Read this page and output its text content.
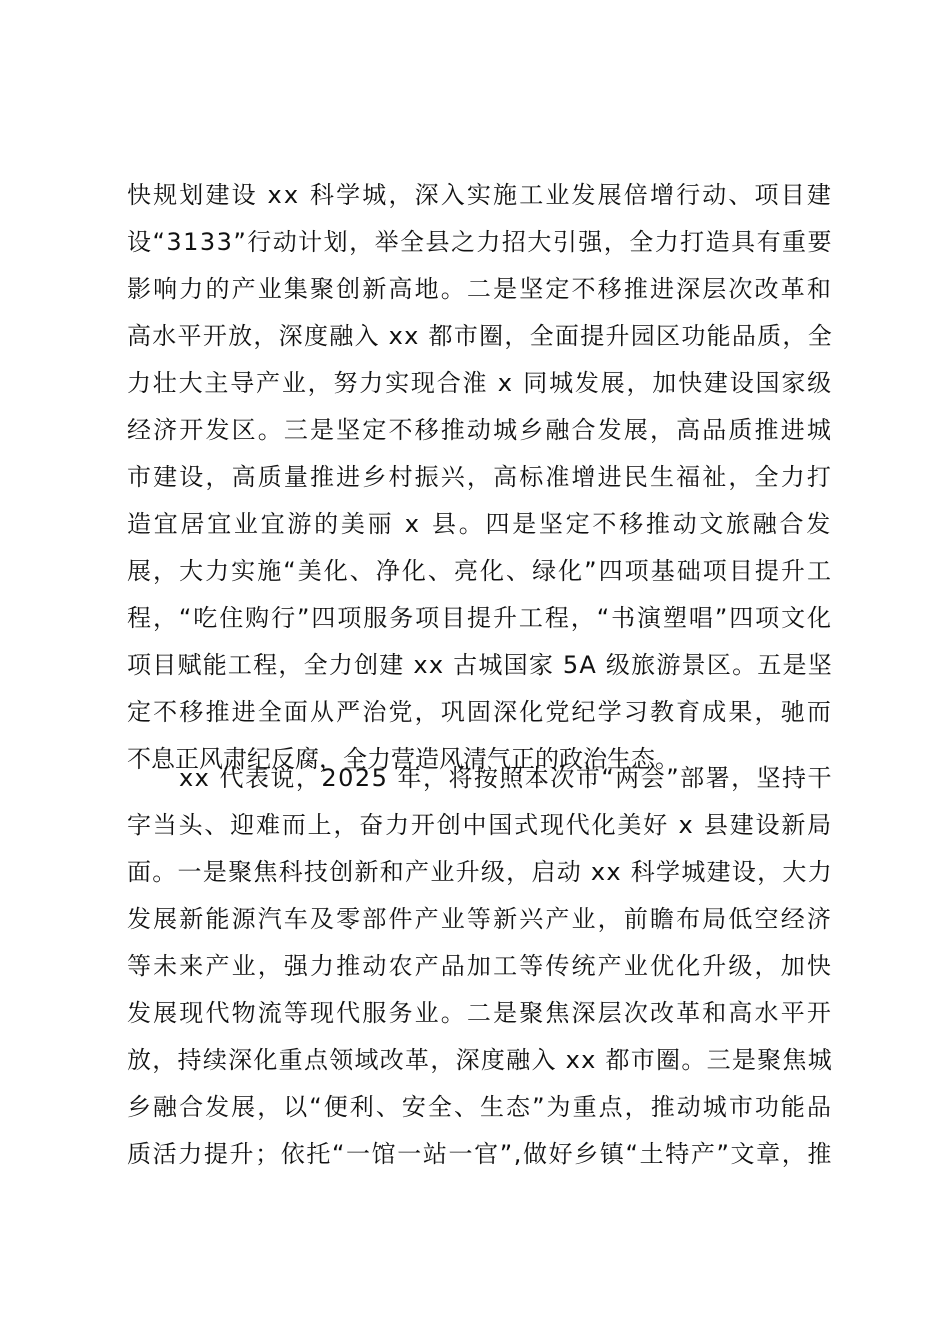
快规划建设 xx 科学城，深入实施工业发展倍增行动、项目建
设“3133”行动计划，举全县之力招大引强，全力打造具有重要
影响力的产业集聚创新高地。二是坚定不移推进深层次改革和
高水平开放，深度融入 xx 都市圈，全面提升园区功能品质，全
力壮大主导产业，努力实现合淮 x 同城发展，加快建设国家级
经济开发区。三是坚定不移推动城乡融合发展，高品质推进城
市建设，高质量推进乡村振兴，高标准增进民生福祉，全力打
造宜居宜业宜游的美丽 x 县。四是坚定不移推动文旅融合发
展，大力实施“美化、净化、亮化、绿化”四项基础项目提升工
程，“吃住购行”四项服务项目提升工程，“书演塑唱”四项文化
项目赋能工程，全力创建 xx 古城国家 5A 级旅游景区。五是坚
定不移推进全面从严治党，巩固深化党纪学习教育成果，驰而
不息正风肃纪反腐，全力营造风清气正的政治生态。
xx 代表说，2025 年，将按照本次市“两会”部署，坚持干
字当头、迎难而上，奋力开创中国式现代化美好 x 县建设新局
面。一是聚焦科技创新和产业升级，启动 xx 科学城建设，大力
发展新能源汽车及零部件产业等新兴产业，前瞻布局低空经济
等未来产业，强力推动农产品加工等传统产业优化升级，加快
发展现代物流等现代服务业。二是聚焦深层次改革和高水平开
放，持续深化重点领域改革，深度融入 xx 都市圈。三是聚焦城
乡融合发展，以“便利、安全、生态”为重点，推动城市功能品
质活力提升；依托“一馆一站一官”,做好乡镇“土特产”文章，推
